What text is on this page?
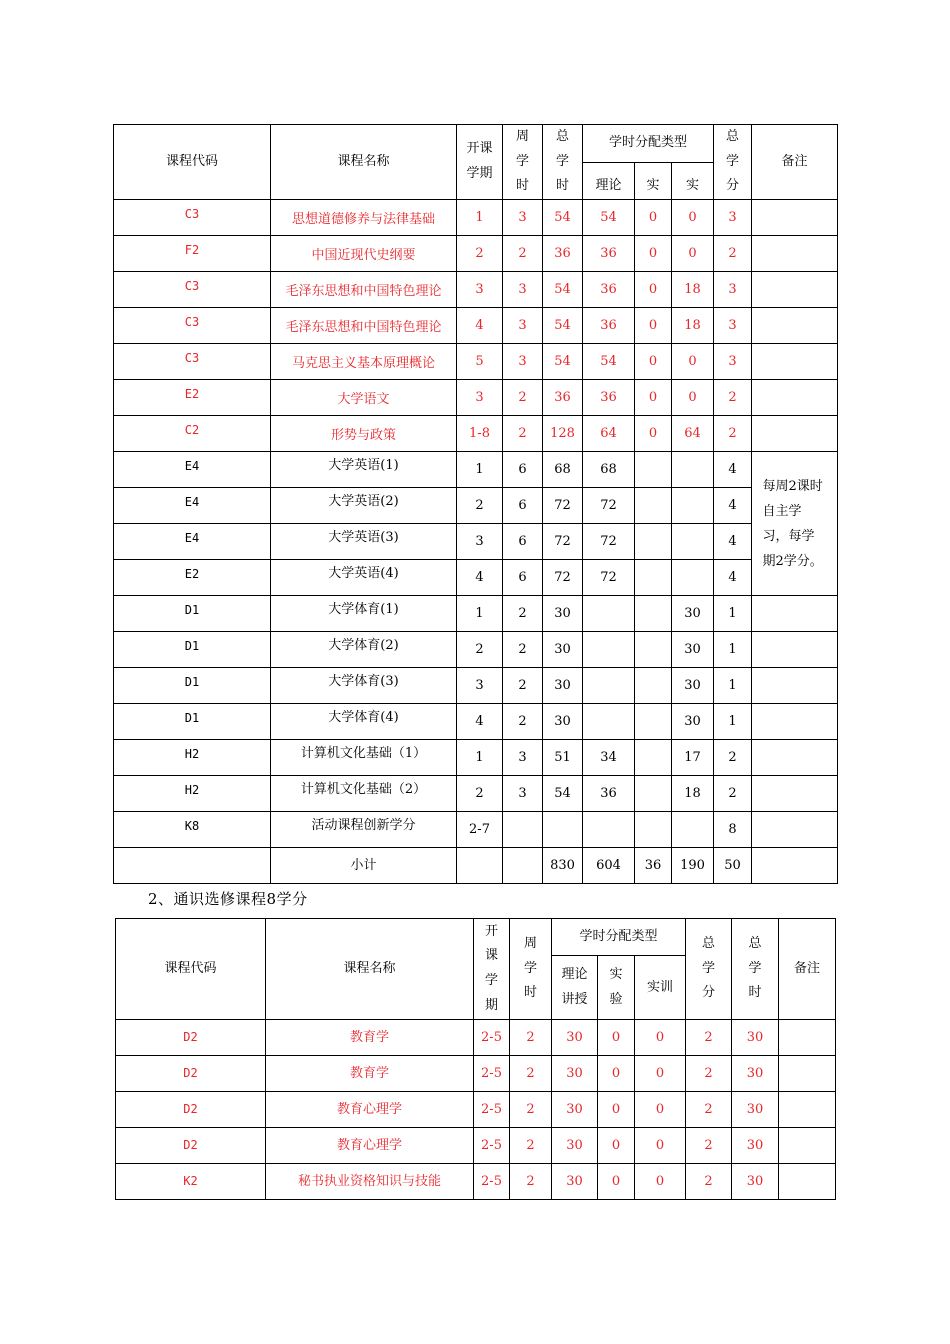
课程代码	课程名称	开课学期	周学时	总学时	学时分配类型			总学分	备注

					理论	实	实		

C3	思想道德修养与法律基础	1	3	54	54	0	0	3	
F2	中国近现代史纲要	2	2	36	36	0	0	2	
C3	毛泽东思想和中国特色理论	3	3	54	36	0	18	3	
C3	毛泽东思想和中国特色理论	4	3	54	36	0	18	3	
C3	马克思主义基本原理概论	5	3	54	54	0	0	3	
E2	大学语文	3	2	36	36	0	0	2	
C2	形势与政策	1-8	2	128	64	0	64	2	
E4	大学英语(1)	1	6	68	68			4	每周2课时自主学习，每学期2学分。
E4	大学英语(2)	2	6	72	72			4	
E4	大学英语(3)	3	6	72	72			4	
E2	大学英语(4)	4	6	72	72			4	
D1	大学体育(1)	1	2	30			30	1	
D1	大学体育(2)	2	2	30			30	1	
D1	大学体育(3)	3	2	30			30	1	
D1	大学体育(4)	4	2	30			30	1	
H2	计算机文化基础（1）	1	3	51	34		17	2	
H2	计算机文化基础（2）	2	3	54	36		18	2	
K8	活动课程创新学分	2-7						8	
	小计			830	604	36	190	50	
2、通识选修课程8学分
课程代码	课程名称	开课学期	周学时	学时分配类型			总学分	总学时	备注
				理论讲授	实验	实训			
D2	教育学	2-5	2	30	0	0	2	30	
D2	教育学	2-5	2	30	0	0	2	30	
D2	教育心理学	2-5	2	30	0	0	2	30	
D2	教育心理学	2-5	2	30	0	0	2	30	
K2	秘书执业资格知识与技能	2-5	2	30	0	0	2	30	
